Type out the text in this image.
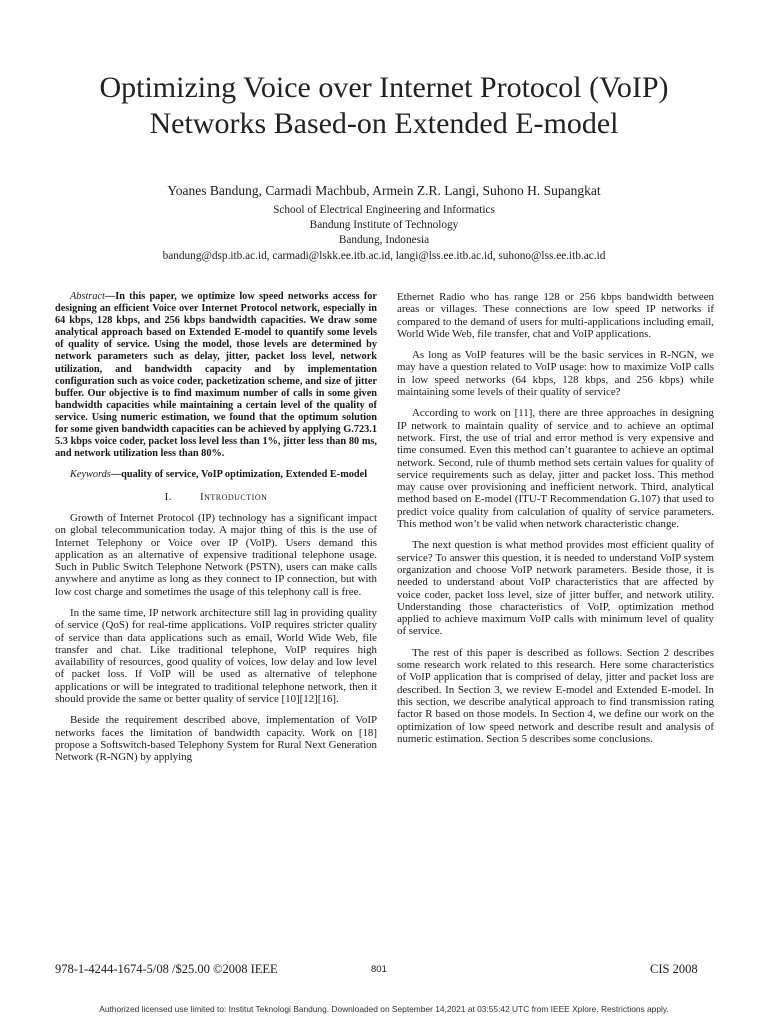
Optimizing Voice over Internet Protocol (VoIP)
Networks Based-on Extended E-model
Yoanes Bandung, Carmadi Machbub, Armein Z.R. Langi, Suhono H. Supangkat
School of Electrical Engineering and Informatics
Bandung Institute of Technology
Bandung, Indonesia
bandung@dsp.itb.ac.id, carmadi@lskk.ee.itb.ac.id, langi@lss.ee.itb.ac.id, suhono@lss.ee.itb.ac.id

Abstract—In this paper, we optimize low speed networks access for designing an efficient Voice over Internet Protocol network, especially in 64 kbps, 128 kbps, and 256 kbps bandwidth capacities. We draw some analytical approach based on Extended E-model to quantify some levels of quality of service. Using the model, those levels are determined by network parameters such as delay, jitter, packet loss level, network utilization, and bandwidth capacity and by implementation configuration such as voice coder, packetization scheme, and size of jitter buffer. Our objective is to find maximum number of calls in some given bandwidth capacities while maintaining a certain level of the quality of service. Using numeric estimation, we found that the optimum solution for some given bandwidth capacities can be achieved by applying G.723.1 5.3 kbps voice coder, packet loss level less than 1%, jitter less than 80 ms, and network utilization less than 80%.

Keywords—quality of service, VoIP optimization, Extended E-model

I.	Introduction

Growth of Internet Protocol (IP) technology has a significant impact on global telecommunication today. A major thing of this is the use of Internet Telephony or Voice over IP (VoIP). Users demand this application as an alternative of expensive traditional telephone usage. Such in Public Switch Telephone Network (PSTN), users can make calls anywhere and anytime as long as they connect to IP connection, but with low cost charge and sometimes the usage of this telephony call is free.

In the same time, IP network architecture still lag in providing quality of service (QoS) for real-time applications. VoIP requires stricter quality of service than data applications such as email, World Wide Web, file transfer and chat. Like traditional telephone, VoIP requires high availability of resources, good quality of voices, low delay and low level of packet loss. If VoIP will be used as alternative of telephone applications or will be integrated to traditional telephone network, then it should provide the same or better quality of service [10][12][16].

Beside the requirement described above, implementation of VoIP networks faces the limitation of bandwidth capacity. Work on [18] propose a Softswitch-based Telephony System for Rural Next Generation Network (R-NGN) by applying

Ethernet Radio who has range 128 or 256 kbps bandwidth between areas or villages. These connections are low speed IP networks if compared to the demand of users for multi-applications including email, World Wide Web, file transfer, chat and VoIP applications.

As long as VoIP features will be the basic services in R-NGN, we may have a question related to VoIP usage: how to maximize VoIP calls in low speed networks (64 kbps, 128 kbps, and 256 kbps) while maintaining some levels of their quality of service?

According to work on [11], there are three approaches in designing IP network to maintain quality of service and to achieve an optimal network. First, the use of trial and error method is very expensive and time consumed. Even this method can’t guarantee to achieve an optimal network. Second, rule of thumb method sets certain values for quality of service requirements such as delay, jitter and packet loss. This method may cause over provisioning and inefficient network. Third, analytical method based on E-model (ITU-T Recommendation G.107) that used to predict voice quality from calculation of quality of service parameters. This method won’t be valid when network characteristic change.

The next question is what method provides most efficient quality of service? To answer this question, it is needed to understand VoIP system organization and choose VoIP network parameters. Beside those, it is needed to understand about VoIP characteristics that are affected by voice coder, packet loss level, size of jitter buffer, and network utility. Understanding those characteristics of VoIP, optimization method applied to achieve maximum VoIP calls with minimum level of quality of service.

The rest of this paper is described as follows. Section 2 describes some research work related to this research. Here some characteristics of VoIP application that is comprised of delay, jitter and packet loss are described. In Section 3, we review E-model and Extended E-model. In this section, we describe analytical approach to find transmission rating factor R based on those models. In Section 4, we define our work on the optimization of low speed network and describe result and analysis of numeric estimation. Section 5 describes some conclusions.

978-1-4244-1674-5/08 /$25.00 ©2008 IEEE	801	CIS 2008
Authorized licensed use limited to: Institut Teknologi Bandung. Downloaded on September 14,2021 at 03:55:42 UTC from IEEE Xplore. Restrictions apply.
